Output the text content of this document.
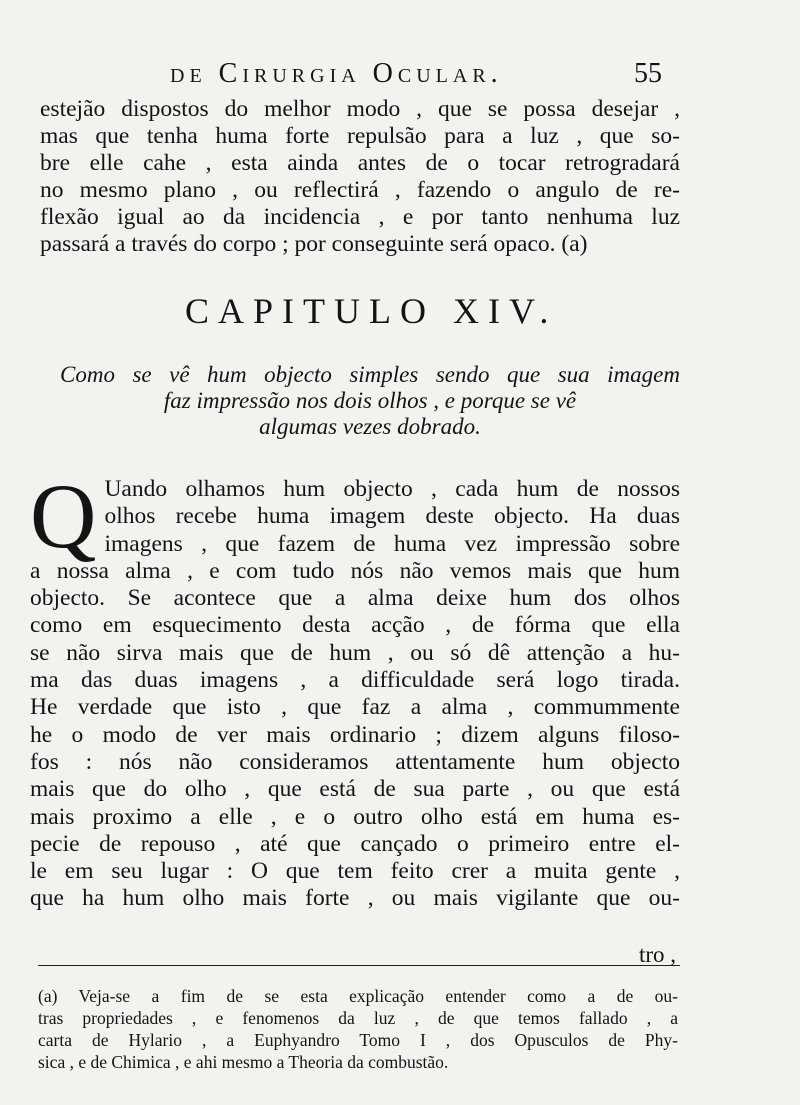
de Cirurgia Ocular.	55
estejão dispostos do melhor modo , que se possa desejar ,
mas que tenha huma forte repulsão para a luz , que so-
bre elle cahe , esta ainda antes de o tocar retrogradará
no mesmo plano , ou reflectirá , fazendo o angulo de re-
flexão igual ao da incidencia , e por tanto nenhuma luz
passará a través do corpo ; por conseguinte será opaco. (a)
CAPITULO XIV.
Como se vê hum objecto simples sendo que sua imagem
faz impressão nos dois olhos , e porque se vê
algumas vezes dobrado.
Q Uando olhamos hum objecto , cada hum de nossos
olhos recebe huma imagem deste objecto. Ha duas
imagens , que fazem de huma vez impressão sobre
a nossa alma , e com tudo nós não vemos mais que hum
objecto. Se acontece que a alma deixe hum dos olhos
como em esquecimento desta acção , de fórma que ella
se não sirva mais que de hum , ou só dê attenção a hu-
ma das duas imagens , a difficuldade será logo tirada.
He verdade que isto , que faz a alma , commummente
he o modo de ver mais ordinario ; dizem alguns filoso-
fos : nós não consideramos attentamente hum objecto
mais que do olho , que está de sua parte , ou que está
mais proximo a elle , e o outro olho está em huma es-
pecie de repouso , até que cançado o primeiro entre el-
le em seu lugar : O que tem feito crer a muita gente ,
que ha hum olho mais forte , ou mais vigilante que ou-
tro ,
(a) Veja-se a fim de se esta explicação entender como a de ou-
tras propriedades , e fenomenos da luz , de que temos fallado , a
carta de Hylario , a Euphyandro Tomo I , dos Opusculos de Phy-
sica , e de Chimica , e ahi mesmo a Theoria da combustão.
